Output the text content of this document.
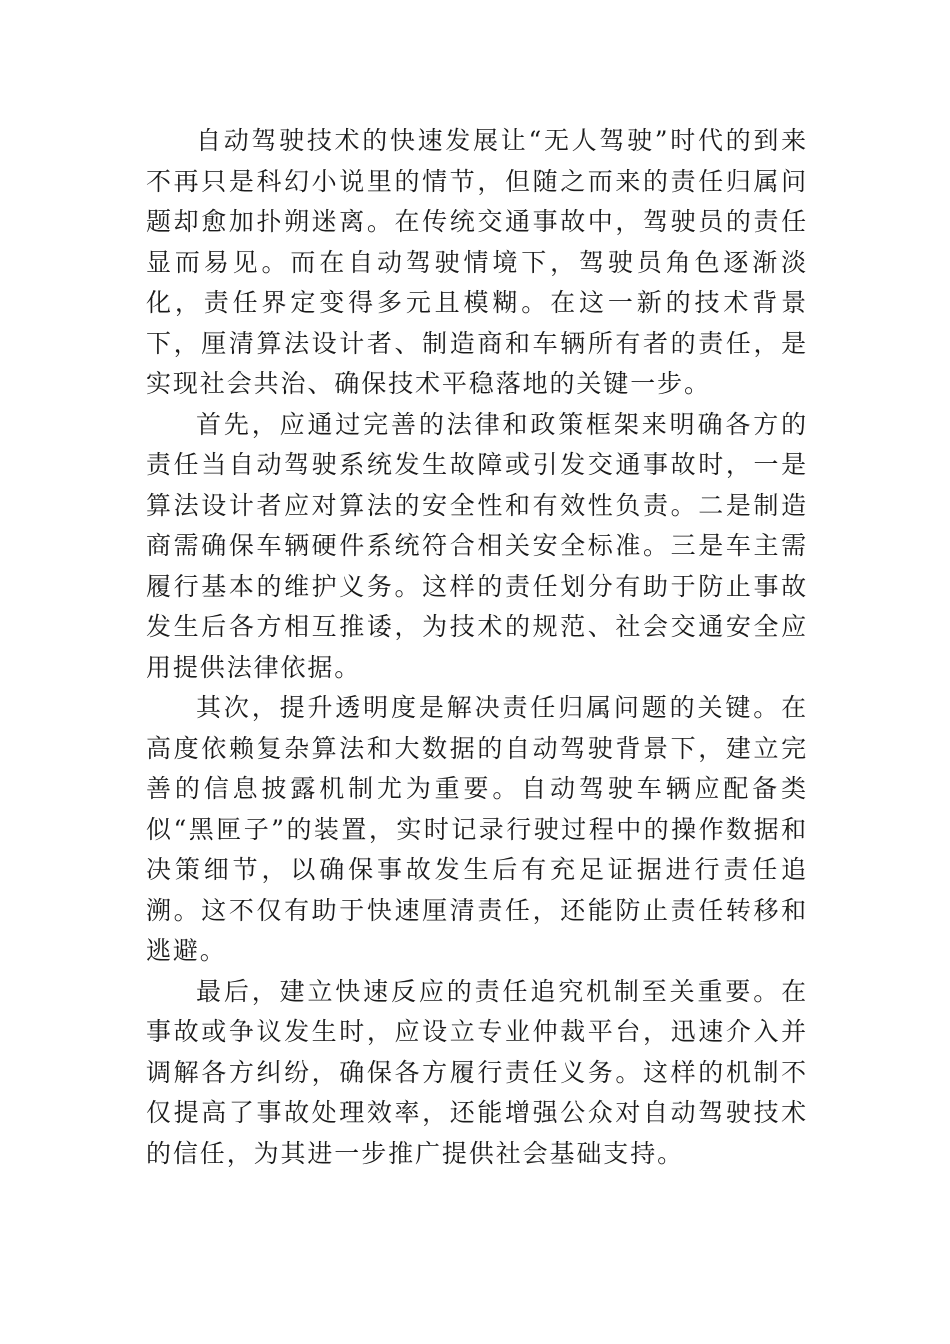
自动驾驶技术的快速发展让“无人驾驶”时代的到来不再只是科幻小说里的情节，但随之而来的责任归属问题却愈加扑朔迷离。在传统交通事故中，驾驶员的责任显而易见。而在自动驾驶情境下，驾驶员角色逐渐淡化，责任界定变得多元且模糊。在这一新的技术背景下，厘清算法设计者、制造商和车辆所有者的责任，是实现社会共治、确保技术平稳落地的关键一步。

首先，应通过完善的法律和政策框架来明确各方的责任当自动驾驶系统发生故障或引发交通事故时，一是算法设计者应对算法的安全性和有效性负责。二是制造商需确保车辆硬件系统符合相关安全标准。三是车主需履行基本的维护义务。这样的责任划分有助于防止事故发生后各方相互推诿，为技术的规范、社会交通安全应用提供法律依据。

其次，提升透明度是解决责任归属问题的关键。在高度依赖复杂算法和大数据的自动驾驶背景下，建立完善的信息披露机制尤为重要。自动驾驶车辆应配备类似“黑匣子”的装置，实时记录行驶过程中的操作数据和决策细节，以确保事故发生后有充足证据进行责任追溯。这不仅有助于快速厘清责任，还能防止责任转移和逃避。

最后，建立快速反应的责任追究机制至关重要。在事故或争议发生时，应设立专业仲裁平台，迅速介入并调解各方纠纷，确保各方履行责任义务。这样的机制不仅提高了事故处理效率，还能增强公众对自动驾驶技术的信任，为其进一步推广提供社会基础支持。
